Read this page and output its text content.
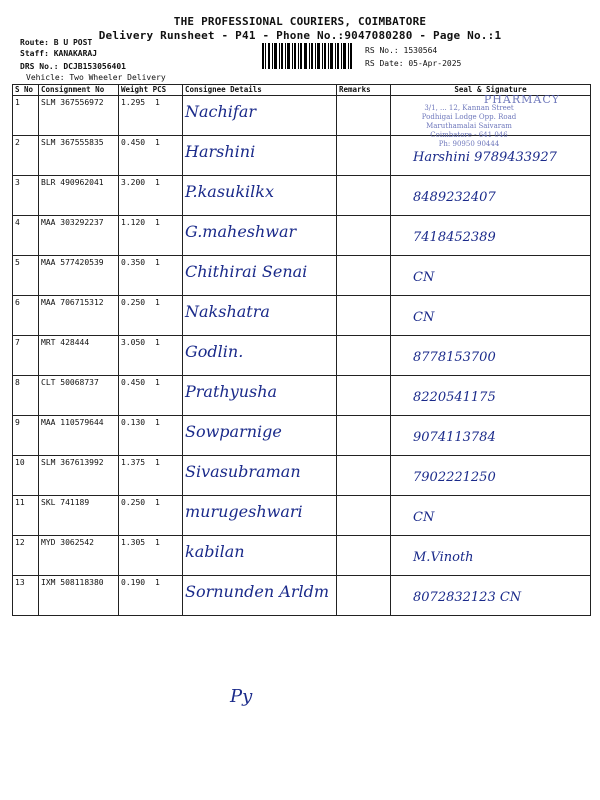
THE PROFESSIONAL COURIERS, COIMBATORE
Delivery Runsheet - P41 - Phone No.:9047080280 - Page No.:1
Route: B U POST
Staff: KANAKARAJ
DRS No.: DCJB153056401
Vehicle: Two Wheeler Delivery
RS No.: 1530564
RS Date: 05-Apr-2025
S No	Consignment No	Weight PCS	Consignee Details	Remarks	Seal & Signature

1	SLM 367556972	1.295 1	Nachifar		

2	SLM 367555835	0.450 1	Harshini		Harshini 9789433927

3	BLR 490962041	3.200 1	P.kasukilkx		8489232407

4	MAA 303292237	1.120 1	G.maheshwar		7418452389

5	MAA 577420539	0.350 1	Chithirai Senai		CN

6	MAA 706715312	0.250 1	Nakshatra		CN

7	MRT 428444	3.050 1	Godlin.		8778153700

8	CLT 50068737	0.450 1	Prathyusha		8220541175

9	MAA 110579644	0.130 1	Sowparnige		9074113784

10	SLM 367613992	1.375 1	Sivasubraman		7902221250

11	SKL 741189	0.250 1	murugeshwari		CN

12	MYD 3062542	1.305 1	kabilan		M.Vinoth

13	IXM 508118380	0.190 1	Sornunden Arldm		8072832123 CN
PHARMACY
3/1, ... 12, Kannan Street
Podhigai Lodge Opp. Road
Maruthamalai Saivaram
Coimbatore - 641 046
Ph: 90950 90444
Py
